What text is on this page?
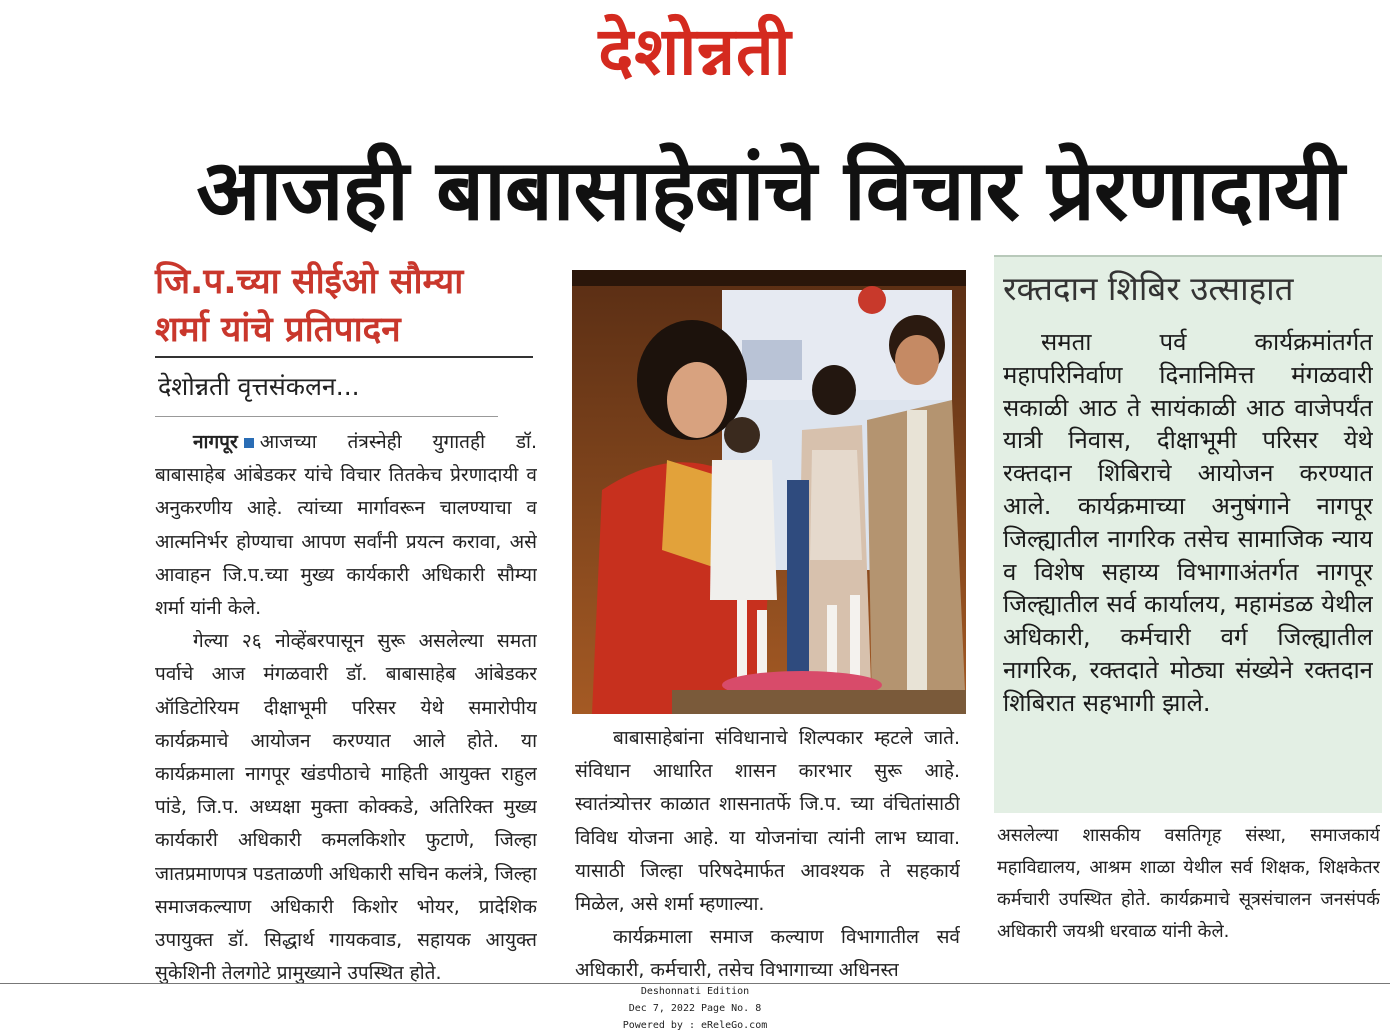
देशोन्नती
आजही बाबासाहेबांचे विचार प्रेरणादायी
जि.प.च्या सीईओ सौम्या
शर्मा यांचे प्रतिपादन
देशोन्नती वृत्तसंकलन...

नागपूर आजच्या तंत्रस्नेही युगातही डॉ. बाबासाहेब आंबेडकर यांचे विचार तितकेच प्रेरणादायी व अनुकरणीय आहे. त्यांच्या मार्गावरून चालण्याचा व आत्मनिर्भर होण्याचा आपण सर्वांनी प्रयत्न करावा, असे आवाहन जि.प.च्या मुख्य कार्यकारी अधिकारी सौम्या शर्मा यांनी केले.

गेल्या २६ नोव्हेंबरपासून सुरू असलेल्या समता पर्वाचे आज मंगळवारी डॉ. बाबासाहेब आंबेडकर ऑडिटोरियम दीक्षाभूमी परिसर येथे समारोपीय कार्यक्रमाचे आयोजन करण्यात आले होते. या कार्यक्रमाला नागपूर खंडपीठाचे माहिती आयुक्त राहुल पांडे, जि.प. अध्यक्षा मुक्ता कोक्कडे, अतिरिक्त मुख्य कार्यकारी अधिकारी कमलकिशोर फुटाणे, जिल्हा जातप्रमाणपत्र पडताळणी अधिकारी सचिन कलंत्रे, जिल्हा समाजकल्याण अधिकारी किशोर भोयर, प्रादेशिक उपायुक्त डॉ. सिद्धार्थ गायकवाड, सहायक आयुक्त सुकेशिनी तेलगोटे प्रामुख्याने उपस्थित होते.

बाबासाहेबांना संविधानाचे शिल्पकार म्हटले जाते. संविधान आधारित शासन कारभार सुरू आहे. स्वातंत्र्योत्तर काळात शासनातर्फे जि.प. च्या वंचितांसाठी विविध योजना आहे. या योजनांचा त्यांनी लाभ घ्यावा. यासाठी जिल्हा परिषदेमार्फत आवश्यक ते सहकार्य मिळेल, असे शर्मा म्हणाल्या.

कार्यक्रमाला समाज कल्याण विभागातील सर्व अधिकारी, कर्मचारी, तसेच विभागाच्या अधिनस्त

रक्तदान शिबिर उत्साहात

समता पर्व कार्यक्रमांतर्गत महापरिनिर्वाण दिनानिमित्त मंगळवारी सकाळी आठ ते सायंकाळी आठ वाजेपर्यंत यात्री निवास, दीक्षाभूमी परिसर येथे रक्तदान शिबिराचे आयोजन करण्यात आले. कार्यक्रमाच्या अनुषंगाने नागपूर जिल्ह्यातील नागरिक तसेच सामाजिक न्याय व विशेष सहाय्य विभागाअंतर्गत नागपूर जिल्ह्यातील सर्व कार्यालय, महामंडळ येथील अधिकारी, कर्मचारी वर्ग जिल्ह्यातील नागरिक, रक्तदाते मोठ्या संख्येने रक्तदान शिबिरात सहभागी झाले.

असलेल्या शासकीय वसतिगृह संस्था, समाजकार्य महाविद्यालय, आश्रम शाळा येथील सर्व शिक्षक, शिक्षकेतर कर्मचारी उपस्थित होते. कार्यक्रमाचे सूत्रसंचालन जनसंपर्क अधिकारी जयश्री धरवाळ यांनी केले.

Deshonnati Edition
Dec 7, 2022 Page No. 8
Powered by : eReleGo.com
